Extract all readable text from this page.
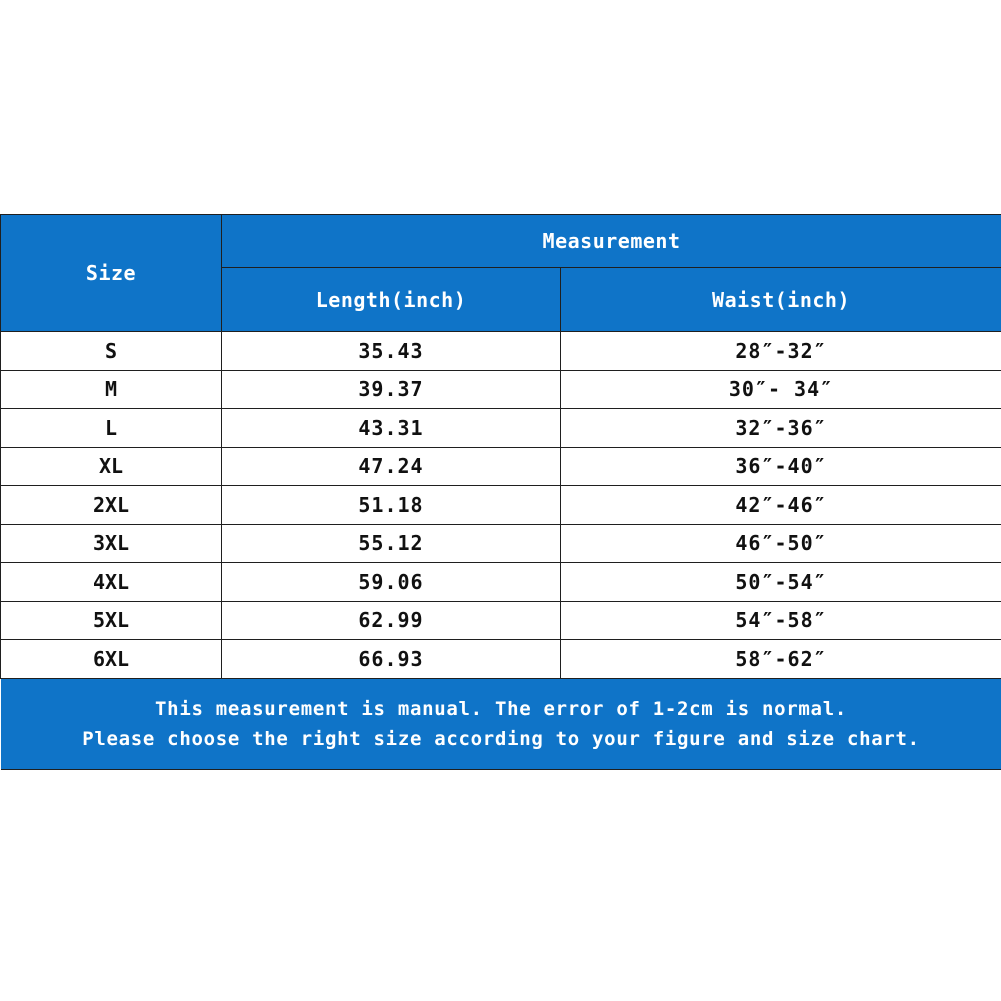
Size	Measurement	
	Length(inch)	Waist(inch)
S	35.43	28″-32″
M	39.37	30″- 34″
L	43.31	32″-36″
XL	47.24	36″-40″
2XL	51.18	42″-46″
3XL	55.12	46″-50″
4XL	59.06	50″-54″
5XL	62.99	54″-58″
6XL	66.93	58″-62″

This measurement is manual. The error of 1-2cm is normal.
Please choose the right size according to your figure and size chart.		
